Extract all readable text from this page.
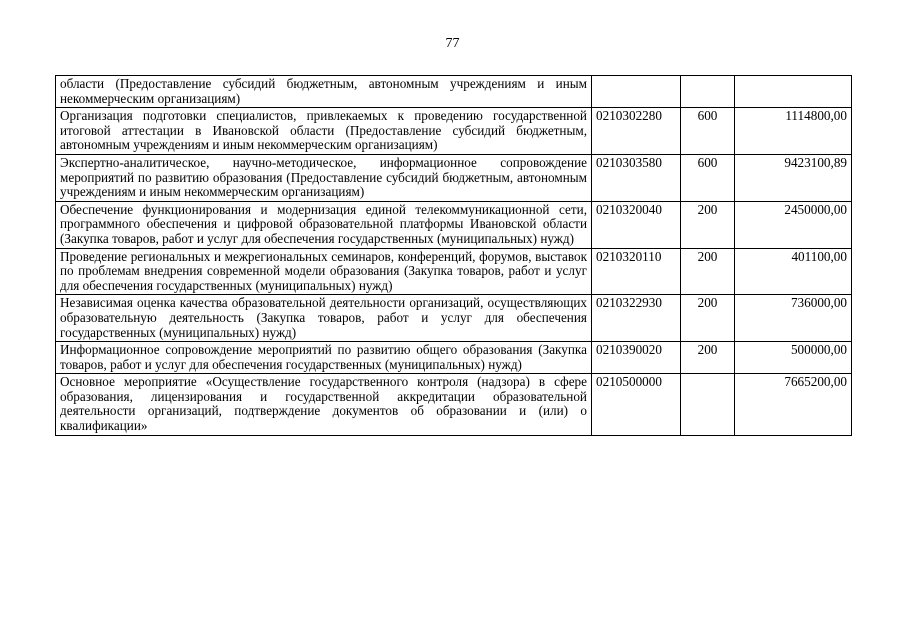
77
области (Предоставление субсидий бюджетным, автономным учреждениям и иным некоммерческим организациям)			
Организация подготовки специалистов, привлекаемых к проведению государственной итоговой аттестации в Ивановской области (Предоставление субсидий бюджетным, автономным учреждениям и иным некоммерческим организациям)	0210302280	600	1114800,00
Экспертно-аналитическое, научно-методическое, информационное сопровождение мероприятий по развитию образования (Предоставление субсидий бюджетным, автономным учреждениям и иным некоммерческим организациям)	0210303580	600	9423100,89
Обеспечение функционирования и модернизация единой телекоммуникационной сети, программного обеспечения и цифровой образовательной платформы Ивановской области (Закупка товаров, работ и услуг для обеспечения государственных (муниципальных) нужд)	0210320040	200	2450000,00
Проведение региональных и межрегиональных семинаров, конференций, форумов, выставок по проблемам внедрения современной модели образования (Закупка товаров, работ и услуг для обеспечения государственных (муниципальных) нужд)	0210320110	200	401100,00
Независимая оценка качества образовательной деятельности организаций, осуществляющих образовательную деятельность (Закупка товаров, работ и услуг для обеспечения государственных (муниципальных) нужд)	0210322930	200	736000,00
Информационное сопровождение мероприятий по развитию общего образования (Закупка товаров, работ и услуг для обеспечения государственных (муниципальных) нужд)	0210390020	200	500000,00
Основное мероприятие «Осуществление государственного контроля (надзора) в сфере образования, лицензирования и государственной аккредитации образовательной деятельности организаций, подтверждение документов об образовании и (или) о квалификации»	0210500000		7665200,00
